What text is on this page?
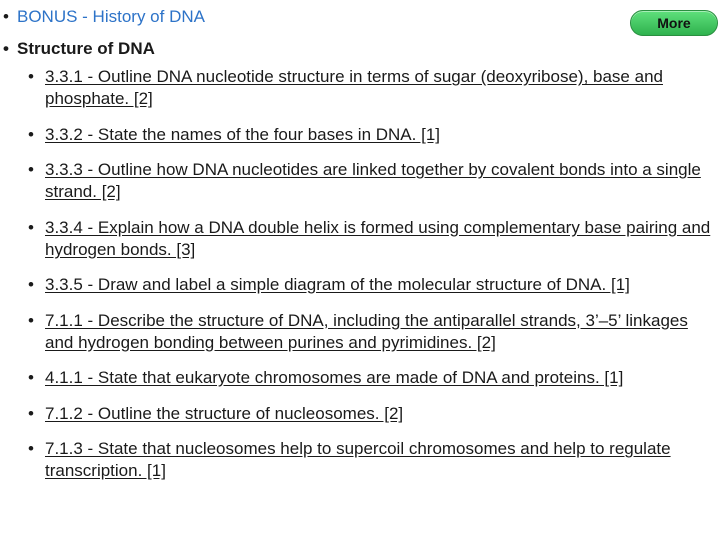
• BONUS - History of DNA	More
• Structure of DNA
• 3.3.1 - Outline DNA nucleotide structure in terms of sugar (deoxyribose), base and phosphate. [2]
• 3.3.2 - State the names of the four bases in DNA. [1]
• 3.3.3 - Outline how DNA nucleotides are linked together by covalent bonds into a single strand. [2]
• 3.3.4 - Explain how a DNA double helix is formed using complementary base pairing and hydrogen bonds. [3]
• 3.3.5 - Draw and label a simple diagram of the molecular structure of DNA. [1]
• 7.1.1 - Describe the structure of DNA, including the antiparallel strands, 3’–5’ linkages and hydrogen bonding between purines and pyrimidines. [2]
• 4.1.1 - State that eukaryote chromosomes are made of DNA and proteins. [1]
• 7.1.2 - Outline the structure of nucleosomes. [2]
• 7.1.3 - State that nucleosomes help to supercoil chromosomes and help to regulate transcription. [1]
